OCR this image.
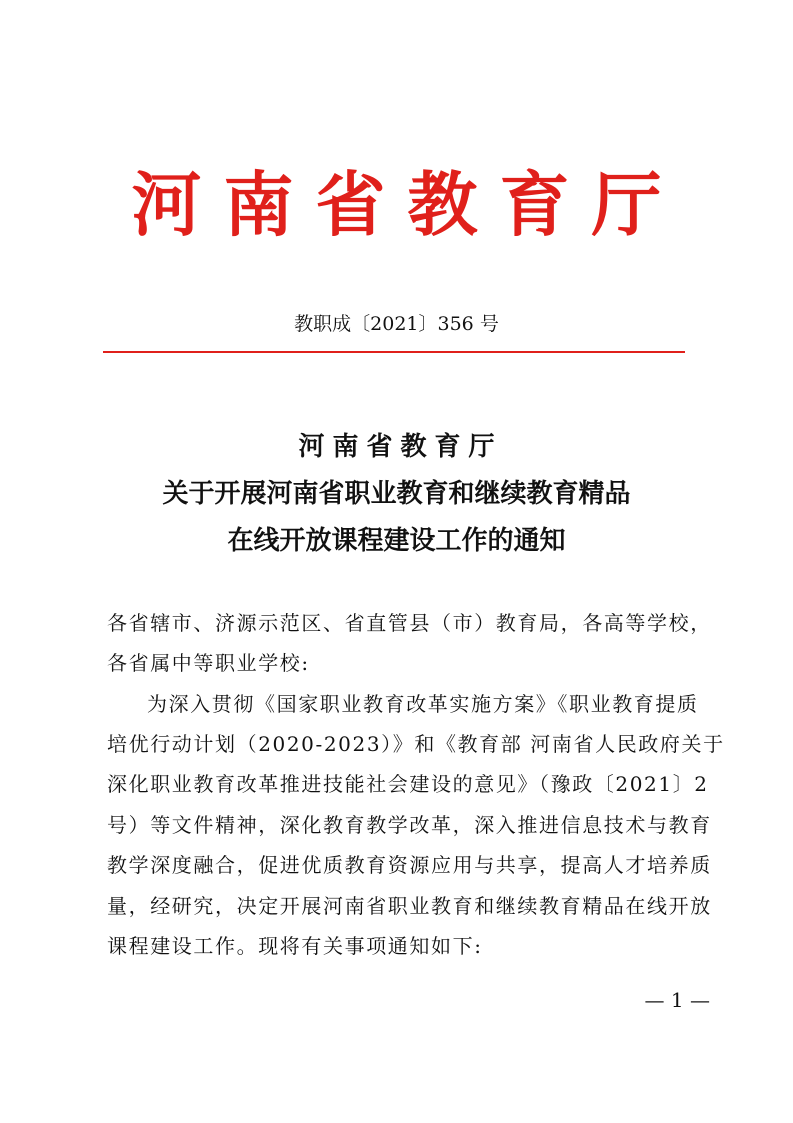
河南省教育厅
教职成〔2021〕356 号
河南省教育厅
关于开展河南省职业教育和继续教育精品
在线开放课程建设工作的通知
各省辖市、济源示范区、省直管县（市）教育局，各高等学校，
各省属中等职业学校:
为深入贯彻《国家职业教育改革实施方案》《职业教育提质
培优行动计划（2020-2023）》和《教育部 河南省人民政府关于
深化职业教育改革推进技能社会建设的意见》（豫政〔2021〕2
号）等文件精神，深化教育教学改革，深入推进信息技术与教育
教学深度融合，促进优质教育资源应用与共享，提高人才培养质
量，经研究，决定开展河南省职业教育和继续教育精品在线开放
课程建设工作。现将有关事项通知如下:
— 1 —
